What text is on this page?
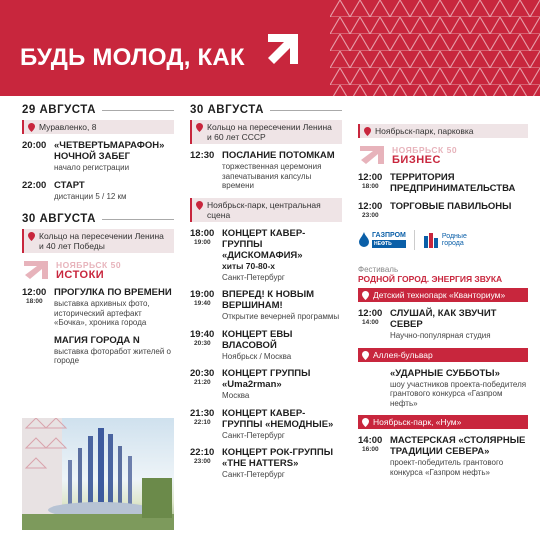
БУДЬ МОЛОД, КАК
29 АВГУСТА
Муравленко, 8
20:00 «ЧЕТВЕРТЬМАРАФОН» НОЧНОЙ ЗАБЕГ
начало регистрации
22:00 СТАРТ
дистанции 5 / 12 км
30 АВГУСТА
Кольцо на пересечении Ленина и 40 лет Победы
НОЯБРЬСК 50
ИСТОКИ
12:00
18:00
ПРОГУЛКА ПО ВРЕМЕНИ
выставка архивных фото, исторический артефакт «Бочка», хроника города
МАГИЯ ГОРОДА N
выставка фоторабот жителей о городе
30 АВГУСТА
Кольцо на пересечении Ленина и 60 лет СССР
12:30 ПОСЛАНИЕ ПОТОМКАМ
торжественная церемония запечатывания капсулы времени
Ноябрьск-парк, центральная сцена
18:00
19:00
КОНЦЕРТ КАВЕР-ГРУППЫ «ДИСКОМАФИЯ»
хиты 70-80-х
Санкт-Петербург
19:00
19:40
ВПЕРЕД! К НОВЫМ ВЕРШИНАМ!
Открытие вечерней программы
19:40
20:30
КОНЦЕРТ ЕВЫ ВЛАСОВОЙ
Ноябрьск / Москва
20:30
21:20
КОНЦЕРТ ГРУППЫ «Uma2rman»
Москва
21:30
22:10
КОНЦЕРТ КАВЕР-ГРУППЫ «НЕМОДНЫЕ»
Санкт-Петербург
22:10
23:00
КОНЦЕРТ РОК-ГРУППЫ «THE HATTERS»
Санкт-Петербург
Ноябрьск-парк, парковка
НОЯБРЬСК 50
БИЗНЕС
12:00
18:00
ТЕРРИТОРИЯ ПРЕДПРИНИМАТЕЛЬСТВА
12:00
23:00
ТОРГОВЫЕ ПАВИЛЬОНЫ
ГАЗПРОМ
НЕФТЬ
Родные города
Фестиваль
РОДНОЙ ГОРОД. ЭНЕРГИЯ ЗВУКА
Детский технопарк «Кванториум»
12:00
14:00
СЛУШАЙ, КАК ЗВУЧИТ СЕВЕР
Научно-популярная студия
Аллея-бульвар
«УДАРНЫЕ СУББОТЫ»
шоу участников проекта-победителя грантового конкурса «Газпром нефть»
Ноябрьск-парк, «Нум»
14:00
16:00
МАСТЕРСКАЯ «СТОЛЯРНЫЕ ТРАДИЦИИ СЕВЕРА»
проект-победитель грантового конкурса «Газпром нефть»
